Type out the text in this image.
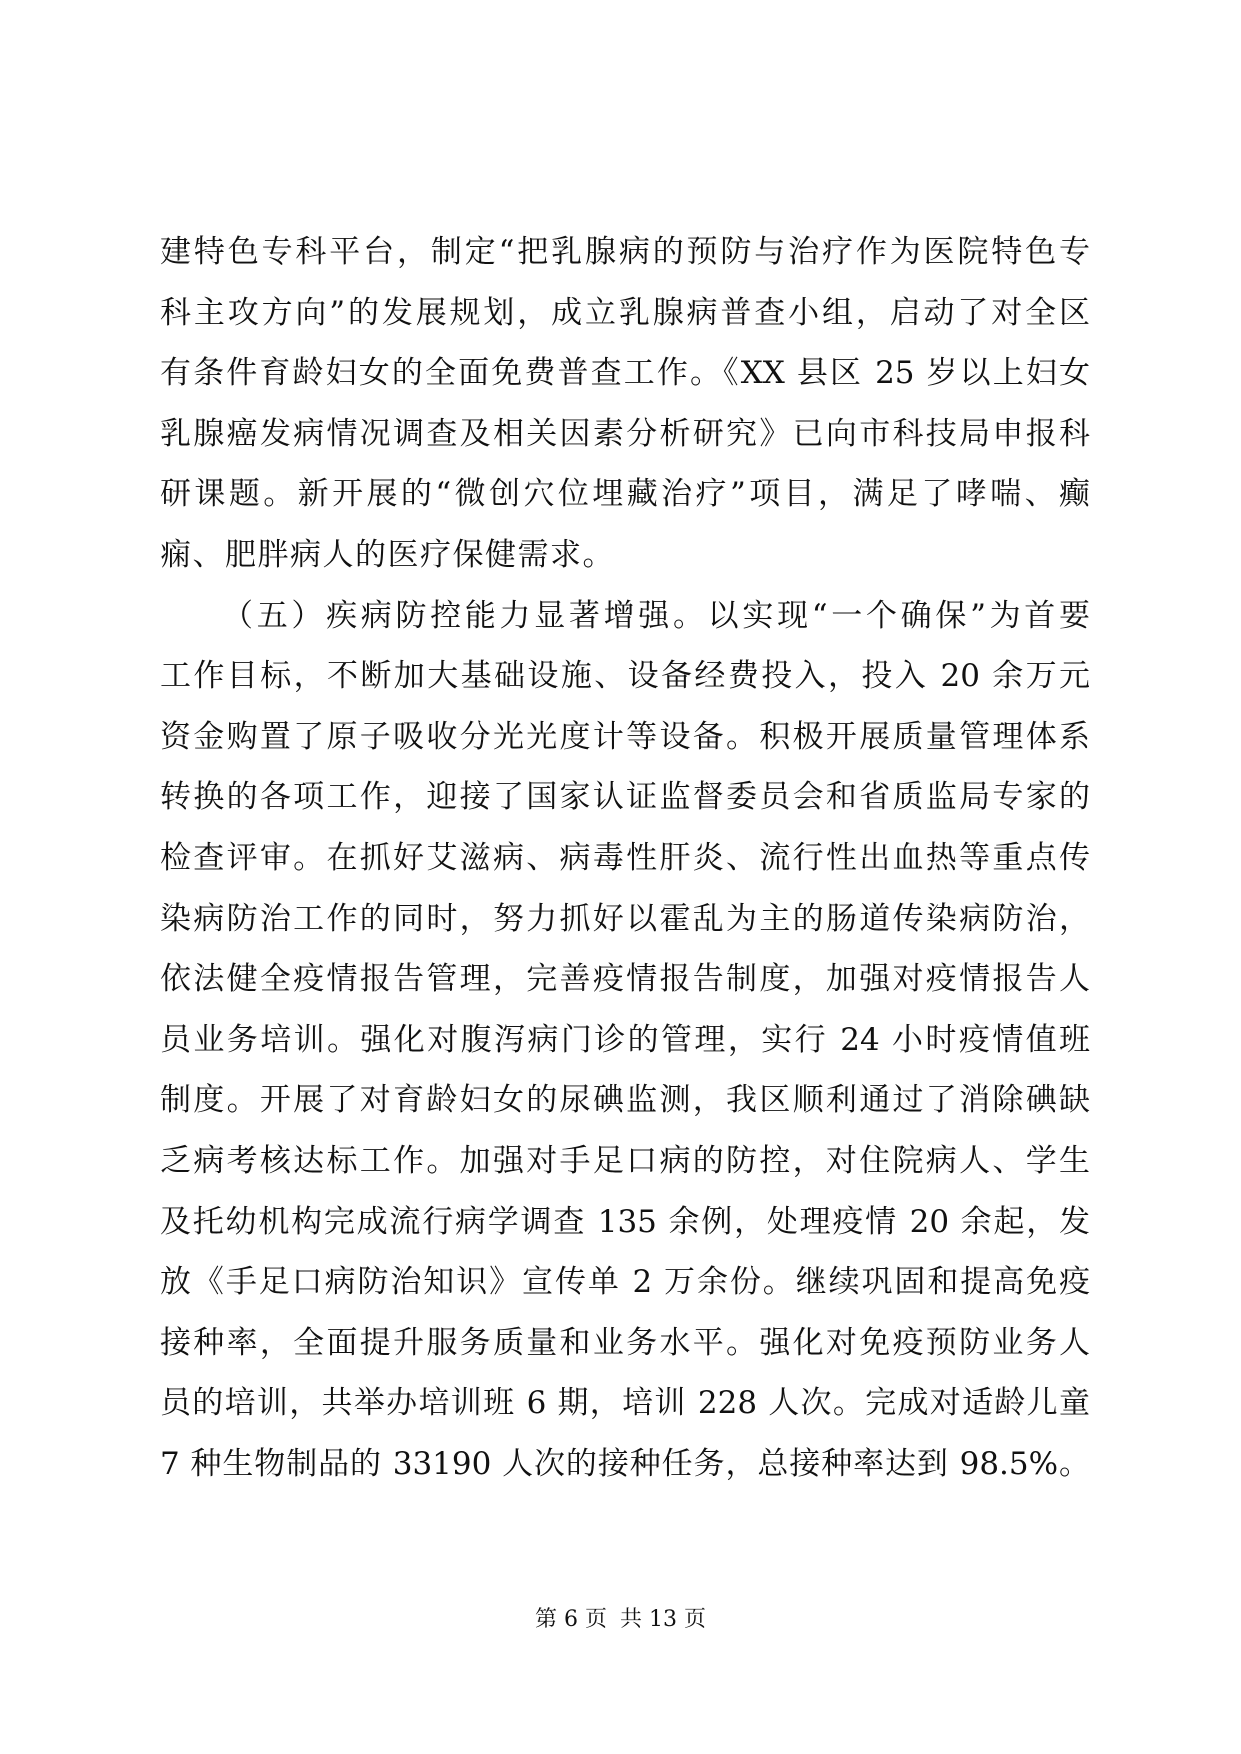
建特色专科平台，制定“把乳腺病的预防与治疗作为医院特色专
科主攻方向”的发展规划，成立乳腺病普查小组，启动了对全区
有条件育龄妇女的全面免费普查工作。《XX 县区 25 岁以上妇女
乳腺癌发病情况调查及相关因素分析研究》已向市科技局申报科
研课题。新开展的“微创穴位埋藏治疗”项目，满足了哮喘、癫
痫、肥胖病人的医疗保健需求。
（五）疾病防控能力显著增强。以实现“一个确保”为首要
工作目标，不断加大基础设施、设备经费投入，投入 20 余万元
资金购置了原子吸收分光光度计等设备。积极开展质量管理体系
转换的各项工作，迎接了国家认证监督委员会和省质监局专家的
检查评审。在抓好艾滋病、病毒性肝炎、流行性出血热等重点传
染病防治工作的同时，努力抓好以霍乱为主的肠道传染病防治，
依法健全疫情报告管理，完善疫情报告制度，加强对疫情报告人
员业务培训。强化对腹泻病门诊的管理，实行 24 小时疫情值班
制度。开展了对育龄妇女的尿碘监测，我区顺利通过了消除碘缺
乏病考核达标工作。加强对手足口病的防控，对住院病人、学生
及托幼机构完成流行病学调查 135 余例，处理疫情 20 余起，发
放《手足口病防治知识》宣传单 2 万余份。继续巩固和提高免疫
接种率，全面提升服务质量和业务水平。强化对免疫预防业务人
员的培训，共举办培训班 6 期，培训 228 人次。完成对适龄儿童
7 种生物制品的 33190 人次的接种任务，总接种率达到 98.5%。
第 6 页 共 13 页
